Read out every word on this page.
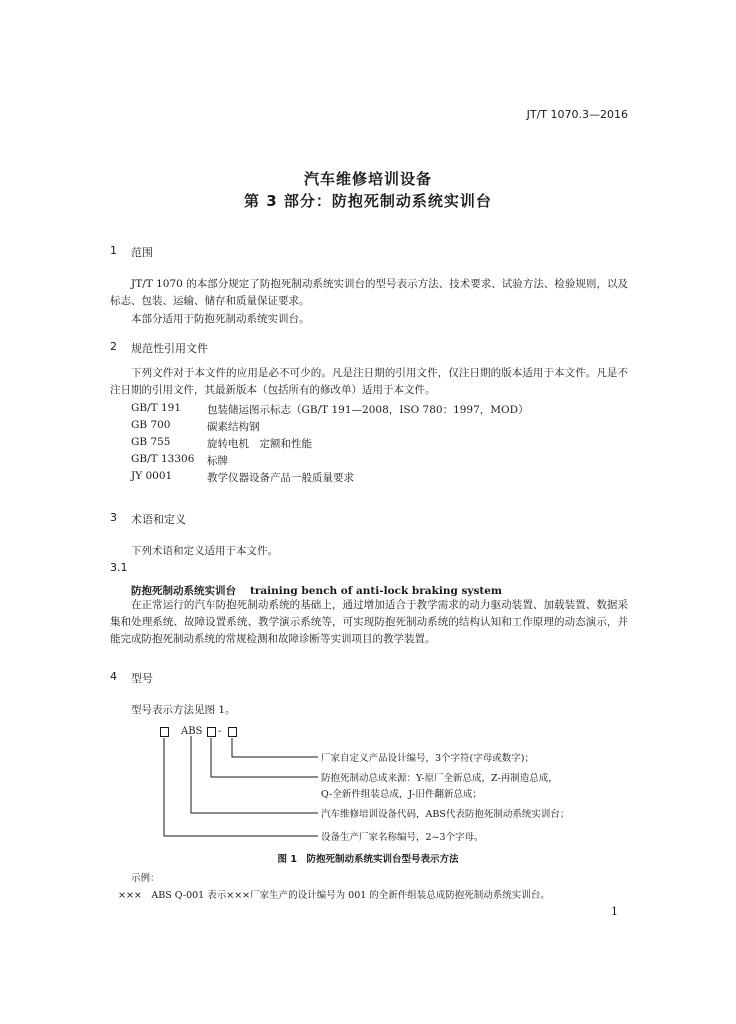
JT/T 1070.3—2016
汽车维修培训设备
第 3 部分：防抱死制动系统实训台
1 范围
JT/T 1070 的本部分规定了防抱死制动系统实训台的型号表示方法、技术要求、试验方法、检验规则，以及标志、包装、运输、储存和质量保证要求。
本部分适用于防抱死制动系统实训台。
2 规范性引用文件
下列文件对于本文件的应用是必不可少的。凡是注日期的引用文件，仅注日期的版本适用于本文件。凡是不注日期的引用文件，其最新版本（包括所有的修改单）适用于本文件。
GB/T 191 包装储运图示标志（GB/T 191—2008，ISO 780：1997，MOD）
GB 700	碳素结构钢
GB 755	旋转电机　定额和性能
GB/T 13306 标牌
JY 0001	教学仪器设备产品一般质量要求
3 术语和定义
下列术语和定义适用于本文件。
3.1
防抱死制动系统实训台 training bench of anti-lock braking system
在正常运行的汽车防抱死制动系统的基础上，通过增加适合于教学需求的动力驱动装置、加载装置、数据采集和处理系统、故障设置系统、教学演示系统等，可实现防抱死制动系统的结构认知和工作原理的动态演示，并能完成防抱死制动系统的常规检测和故障诊断等实训项目的教学装置。
4 型号
型号表示方法见图 1。
ABS -
厂家自定义产品设计编号，3个字符(字母或数字)；
防抱死制动总成来源：Y-原厂全新总成，Z-再制造总成，
Q-全新件组装总成，J-旧件翻新总成；
汽车维修培训设备代码，ABS代表防抱死制动系统实训台；
设备生产厂家名称编号，2~3个字母。
图 1　防抱死制动系统实训台型号表示方法
示例：
×××　ABS Q-001 表示×××厂家生产的设计编号为 001 的全新件组装总成防抱死制动系统实训台。
1
